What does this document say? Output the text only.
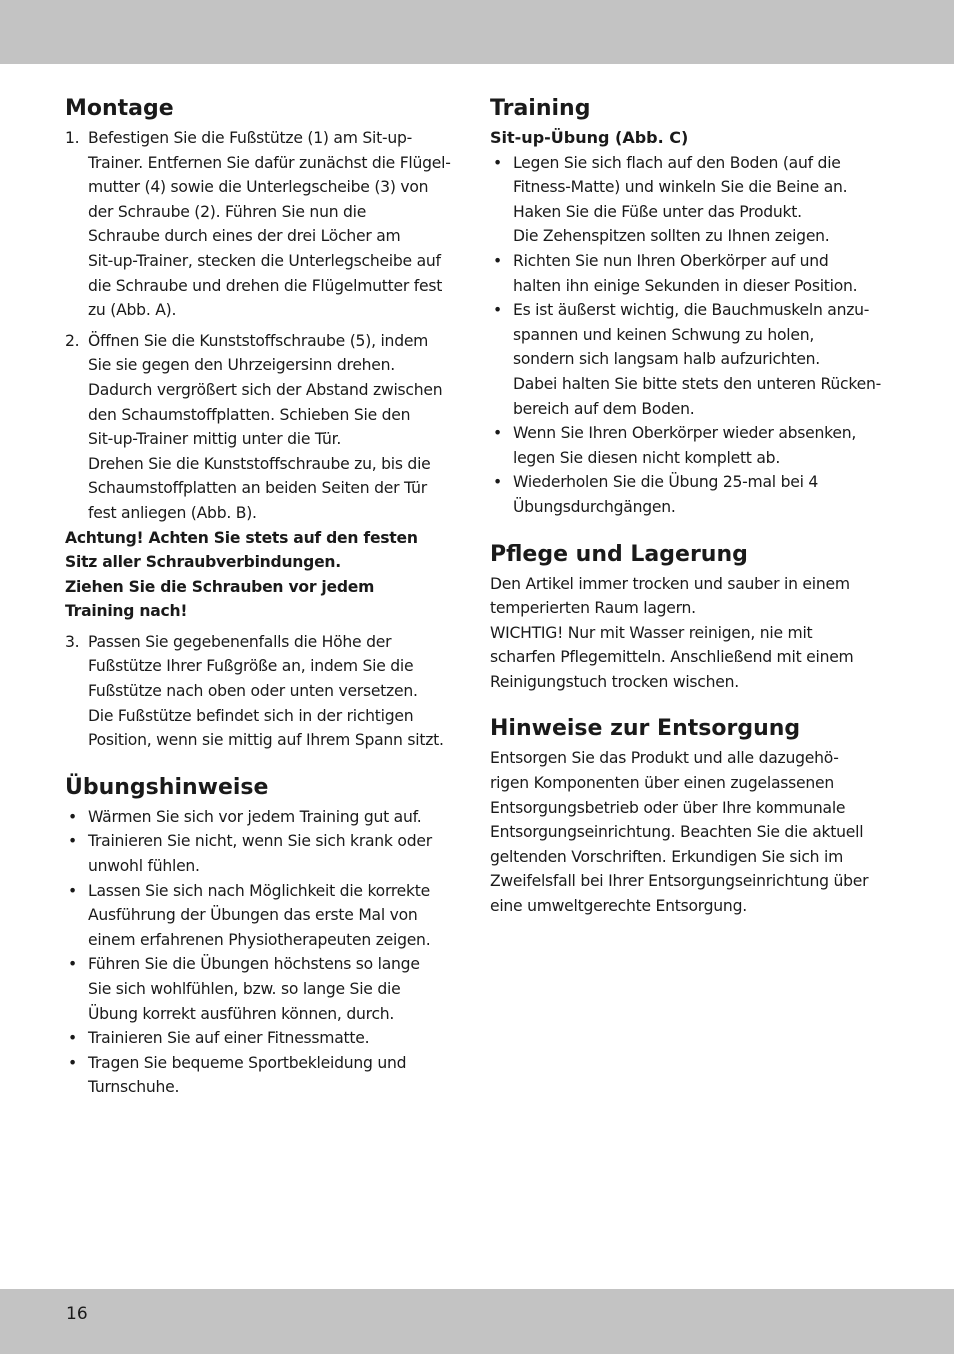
Montage
1. Befestigen Sie die Fußstütze (1) am Sit-up-
Trainer. Entfernen Sie dafür zunächst die Flügel-
mutter (4) sowie die Unterlegscheibe (3) von
der Schraube (2). Führen Sie nun die
Schraube durch eines der drei Löcher am
Sit-up-Trainer, stecken die Unterlegscheibe auf
die Schraube und drehen die Flügelmutter fest
zu (Abb. A).

2. Öffnen Sie die Kunststoffschraube (5), indem
Sie sie gegen den Uhrzeigersinn drehen.
Dadurch vergrößert sich der Abstand zwischen
den Schaumstoffplatten. Schieben Sie den
Sit-up-Trainer mittig unter die Tür.
Drehen Sie die Kunststoffschraube zu, bis die
Schaumstoffplatten an beiden Seiten der Tür
fest anliegen (Abb. B).

Achtung! Achten Sie stets auf den festen
Sitz aller Schraubverbindungen.
Ziehen Sie die Schrauben vor jedem
Training nach!

3. Passen Sie gegebenenfalls die Höhe der
Fußstütze Ihrer Fußgröße an, indem Sie die
Fußstütze nach oben oder unten versetzen.
Die Fußstütze befindet sich in der richtigen
Position, wenn sie mittig auf Ihrem Spann sitzt.

Übungshinweise
• Wärmen Sie sich vor jedem Training gut auf.

• Trainieren Sie nicht, wenn Sie sich krank oder
unwohl fühlen.

• Lassen Sie sich nach Möglichkeit die korrekte
Ausführung der Übungen das erste Mal von
einem erfahrenen Physiotherapeuten zeigen.

• Führen Sie die Übungen höchstens so lange
Sie sich wohlfühlen, bzw. so lange Sie die
Übung korrekt ausführen können, durch.

• Trainieren Sie auf einer Fitnessmatte.

• Tragen Sie bequeme Sportbekleidung und
Turnschuhe.

Training
Sit-up-Übung (Abb. C)
• Legen Sie sich flach auf den Boden (auf die
Fitness-Matte) und winkeln Sie die Beine an.
Haken Sie die Füße unter das Produkt.
Die Zehenspitzen sollten zu Ihnen zeigen.

• Richten Sie nun Ihren Oberkörper auf und
halten ihn einige Sekunden in dieser Position.

• Es ist äußerst wichtig, die Bauchmuskeln anzu-
spannen und keinen Schwung zu holen,
sondern sich langsam halb aufzurichten.
Dabei halten Sie bitte stets den unteren Rücken-
bereich auf dem Boden.

• Wenn Sie Ihren Oberkörper wieder absenken,
legen Sie diesen nicht komplett ab.

• Wiederholen Sie die Übung 25-mal bei 4
Übungsdurchgängen.

Pflege und Lagerung

Den Artikel immer trocken und sauber in einem
temperierten Raum lagern.
WICHTIG! Nur mit Wasser reinigen, nie mit
scharfen Pflegemitteln. Anschließend mit einem
Reinigungstuch trocken wischen.

Hinweise zur Entsorgung

Entsorgen Sie das Produkt und alle dazugehö-
rigen Komponenten über einen zugelassenen
Entsorgungsbetrieb oder über Ihre kommunale
Entsorgungseinrichtung. Beachten Sie die aktuell
geltenden Vorschriften. Erkundigen Sie sich im
Zweifelsfall bei Ihrer Entsorgungseinrichtung über
eine umweltgerechte Entsorgung.

16
